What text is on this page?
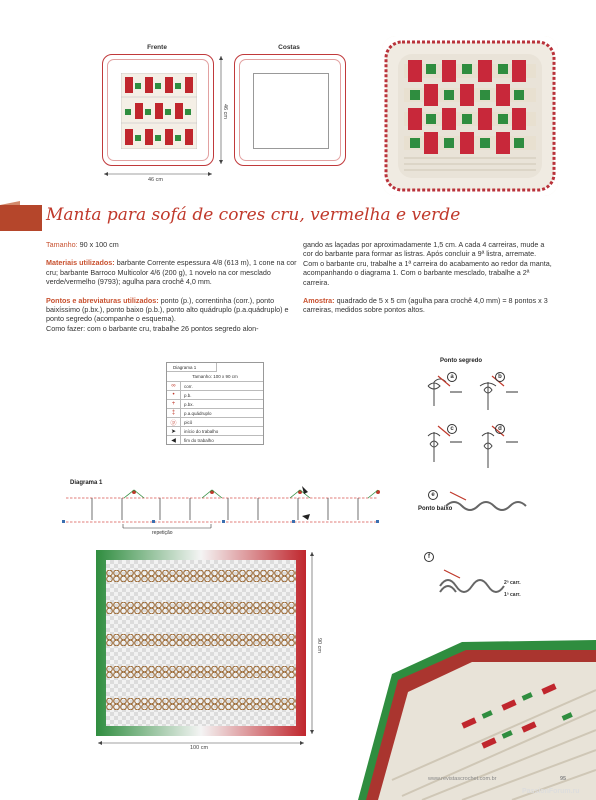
Frente	Costas
46 cm
46 cm
Manta para sofá de cores cru, vermelha e verde

Tamanho: 90 x 100 cm

Materiais utilizados: barbante Corrente espessura 4/8 (613 m), 1 cone na cor cru; barbante Barroco Multicolor 4/6 (200 g), 1 novelo na cor mesclado verde/vermelho (9793); agulha para crochê 4,0 mm.

Pontos e abreviaturas utilizados: ponto (p.), correntinha (corr.), ponto baixíssimo (p.bx.), ponto baixo (p.b.), ponto alto quádruplo (p.a.quádruplo) e ponto segredo (acompanhe o esquema).

Como fazer: com o barbante cru, trabalhe 26 pontos segredo alon-

gando as laçadas por aproximadamente 1,5 cm. A cada 4 carreiras, mude a cor do barbante para formar as listras. Após concluir a 9ª listra, arremate.

Com o barbante cru, trabalhe a 1ª carreira do acabamento ao redor da manta, acompanhando o diagrama 1. Com o barbante mesclado, trabalhe a 2ª carreira.

Amostra: quadrado de 5 x 5 cm (agulha para crochê 4,0 mm) = 8 pontos x 3 carreiras, medidos sobre pontos altos.

Diagrama 1
Tamanho: 100 x 90 cm
∞	corr.
•	p.b.
+	p.bx.
‡	p.a.quádruplo
ⓟ	picô
➤	início do trabalho
◀	fim do trabalho
Diagrama 1
repetição
100 cm
90 cm
Ponto segredo
a	b
c	d
e
f
Ponto baixo
2ª carr.
1ª carr.
www.revistascrochet.com.br	95
PassionForum.ru
